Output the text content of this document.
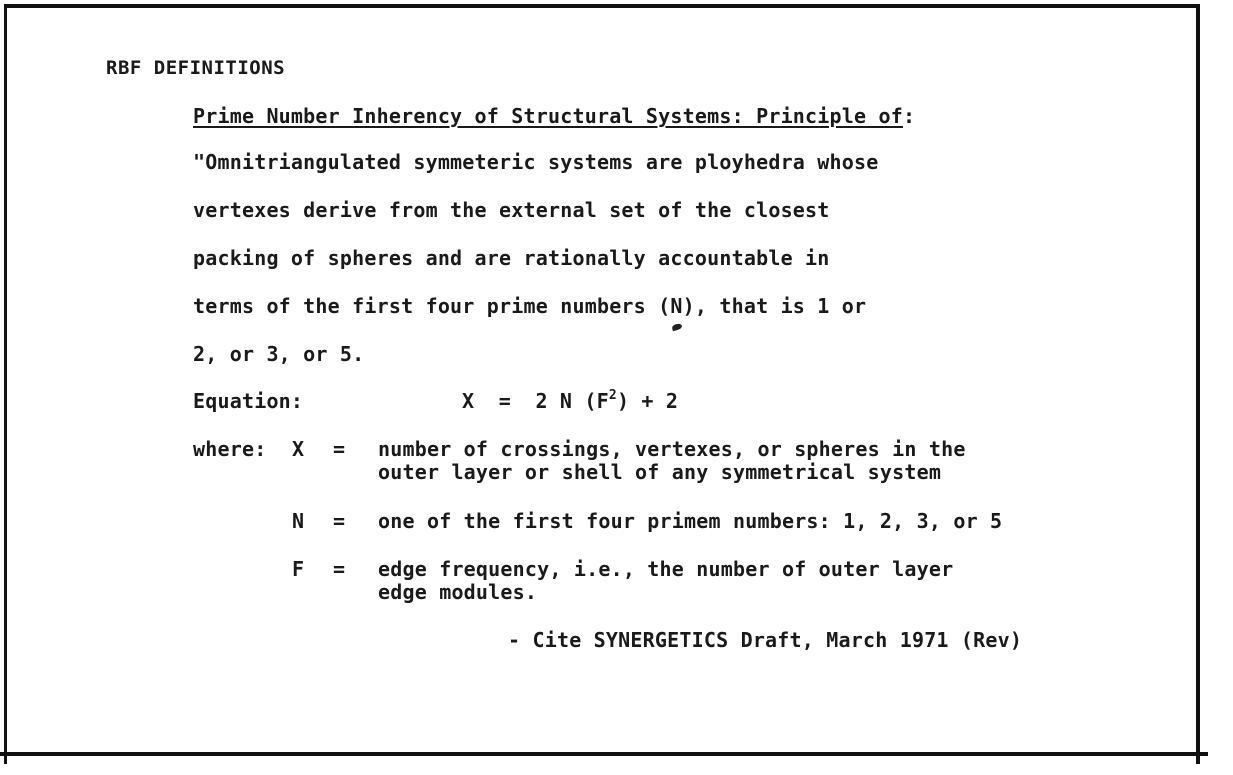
RBF DEFINITIONS
Prime Number Inherency of Structural Systems: Principle of:
"Omnitriangulated symmeteric systems are ployhedra whose
vertexes derive from the external set of the closest
packing of spheres and are rationally accountable in
terms of the first four prime numbers (N), that is 1 or
2, or 3, or 5.
Equation:	X  =  2 N $(F^2) + 2$
where: X = number of crossings, vertexes, or spheres in the
outer layer or shell of any symmetrical system
N = one of the first four primem numbers: 1, 2, 3, or 5
F = edge frequency, i.e., the number of outer layer
edge modules.
- Cite SYNERGETICS Draft, March 1971 (Rev)
